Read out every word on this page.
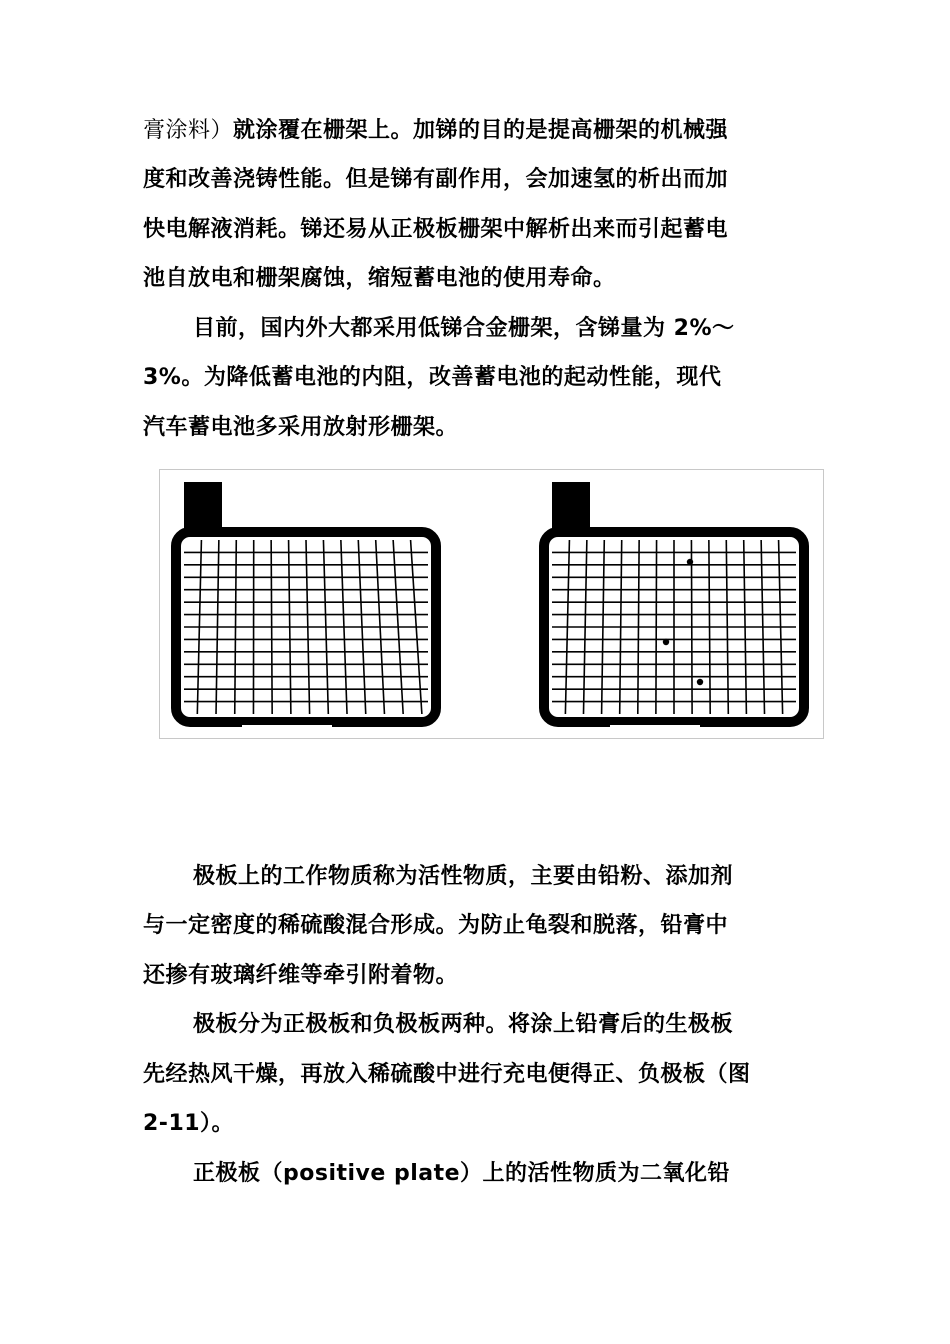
膏涂料）就涂覆在栅架上。加锑的目的是提高栅架的机械强
度和改善浇铸性能。但是锑有副作用，会加速氢的析出而加
快电解液消耗。锑还易从正极板栅架中解析出来而引起蓄电
池自放电和栅架腐蚀，缩短蓄电池的使用寿命。
目前，国内外大都采用低锑合金栅架，含锑量为 2%～
3%。为降低蓄电池的内阻，改善蓄电池的起动性能，现代
汽车蓄电池多采用放射形栅架。
极板上的工作物质称为活性物质，主要由铅粉、添加剂
与一定密度的稀硫酸混合形成。为防止龟裂和脱落，铅膏中
还掺有玻璃纤维等牵引附着物。
极板分为正极板和负极板两种。将涂上铅膏后的生极板
先经热风干燥，再放入稀硫酸中进行充电便得正、负极板（图
2-11）。
正极板（positive plate）上的活性物质为二氧化铅
